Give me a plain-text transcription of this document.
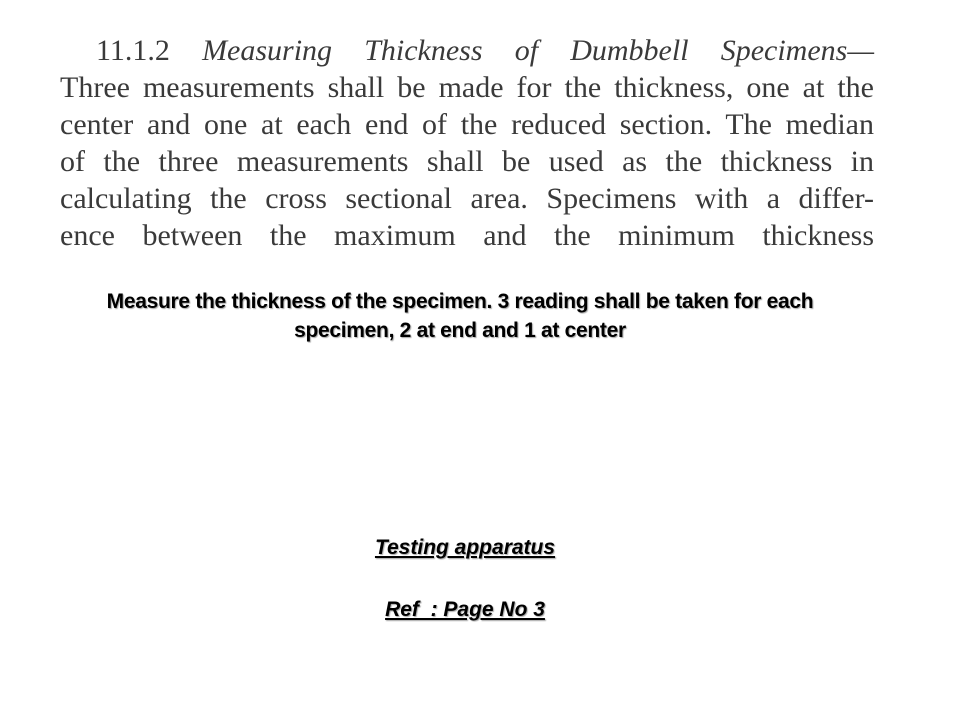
11.1.2 Measuring Thickness of Dumbbell Specimens—
Three measurements shall be made for the thickness, one at the
center and one at each end of the reduced section. The median
of the three measurements shall be used as the thickness in
calculating the cross sectional area. Specimens with a differ-
ence between the maximum and the minimum thickness
Measure the thickness of the specimen. 3 reading shall be taken for each
specimen, 2 at end and 1 at center
Testing apparatus
Ref  : Page No 3
